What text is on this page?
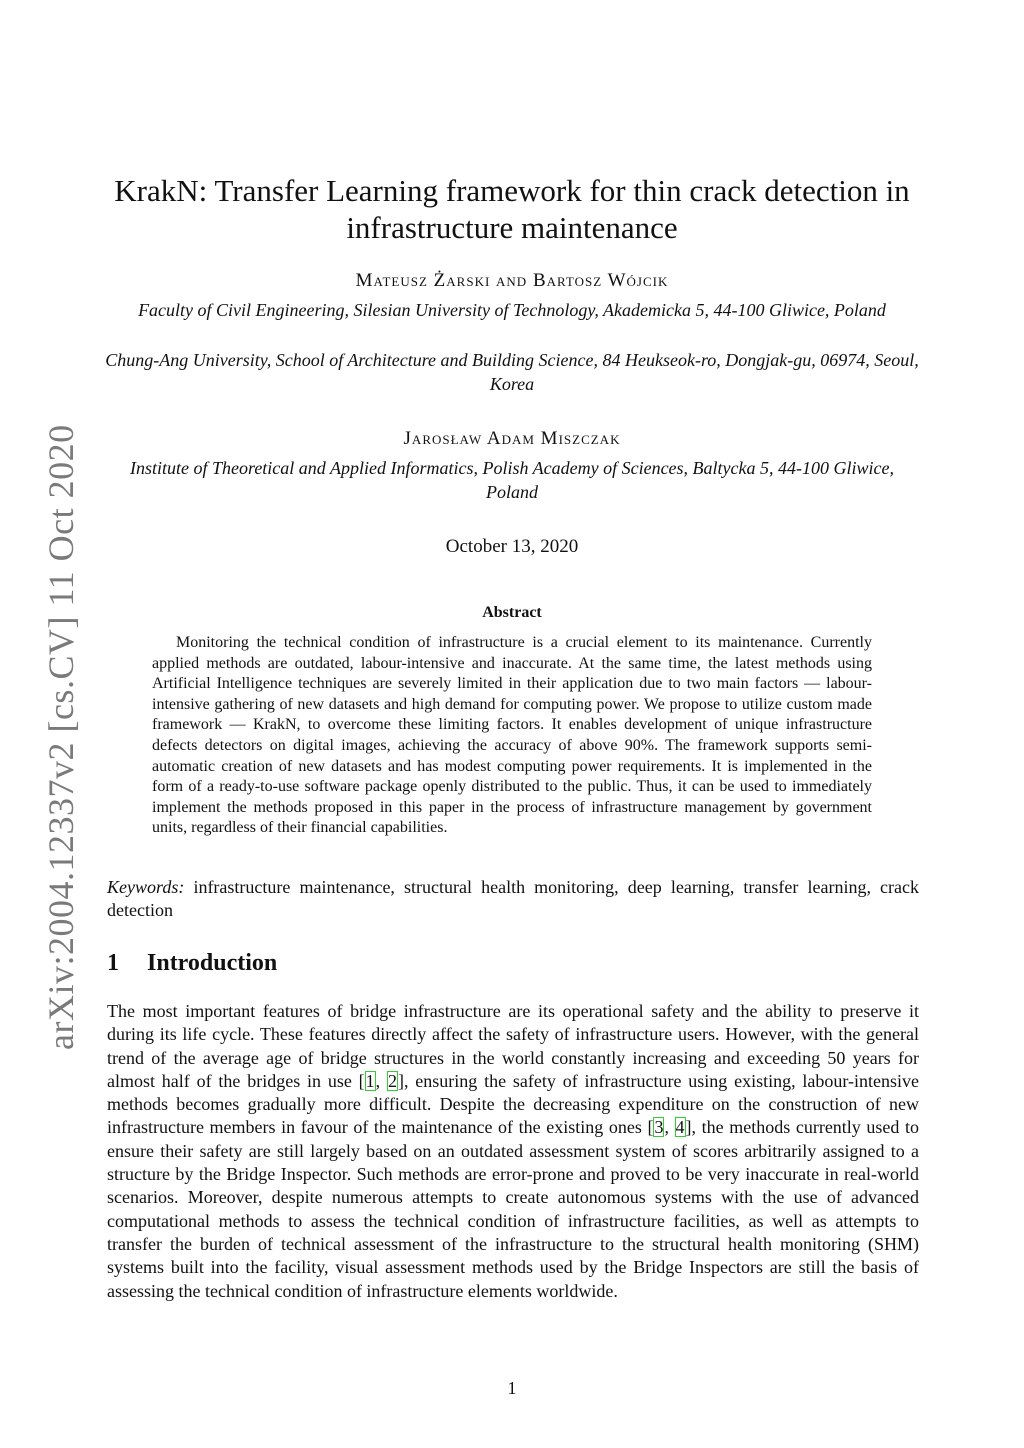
arXiv:2004.12337v2 [cs.CV] 11 Oct 2020
KrakN: Transfer Learning framework for thin crack detection in infrastructure maintenance
Mateusz Żarski and Bartosz Wójcik
Faculty of Civil Engineering, Silesian University of Technology, Akademicka 5, 44-100 Gliwice, Poland
Chung-Ang University, School of Architecture and Building Science, 84 Heukseok-ro, Dongjak-gu, 06974, Seoul, Korea
Jarosław Adam Miszczak
Institute of Theoretical and Applied Informatics, Polish Academy of Sciences, Baltycka 5, 44-100 Gliwice, Poland
October 13, 2020
Abstract

Monitoring the technical condition of infrastructure is a crucial element to its maintenance. Currently applied methods are outdated, labour-intensive and inaccurate. At the same time, the latest methods using Artificial Intelligence techniques are severely limited in their application due to two main factors — labour-intensive gathering of new datasets and high demand for computing power. We propose to utilize custom made framework — KrakN, to overcome these limiting factors. It enables development of unique infrastructure defects detectors on digital images, achieving the accuracy of above 90%. The framework supports semi-automatic creation of new datasets and has modest computing power requirements. It is implemented in the form of a ready-to-use software package openly distributed to the public. Thus, it can be used to immediately implement the methods proposed in this paper in the process of infrastructure management by government units, regardless of their financial capabilities.

Keywords: infrastructure maintenance, structural health monitoring, deep learning, transfer learning, crack detection

1 Introduction

The most important features of bridge infrastructure are its operational safety and the ability to preserve it during its life cycle. These features directly affect the safety of infrastructure users. However, with the general trend of the average age of bridge structures in the world constantly increasing and exceeding 50 years for almost half of the bridges in use [1, 2], ensuring the safety of infrastructure using existing, labour-intensive methods becomes gradually more difficult. Despite the decreasing expenditure on the construction of new infrastructure members in favour of the maintenance of the existing ones [3, 4], the methods currently used to ensure their safety are still largely based on an outdated assessment system of scores arbitrarily assigned to a structure by the Bridge Inspector. Such methods are error-prone and proved to be very inaccurate in real-world scenarios. Moreover, despite numerous attempts to create autonomous systems with the use of advanced computational methods to assess the technical condition of infrastructure facilities, as well as attempts to transfer the burden of technical assessment of the infrastructure to the structural health monitoring (SHM) systems built into the facility, visual assessment methods used by the Bridge Inspectors are still the basis of assessing the technical condition of infrastructure elements worldwide.

1
